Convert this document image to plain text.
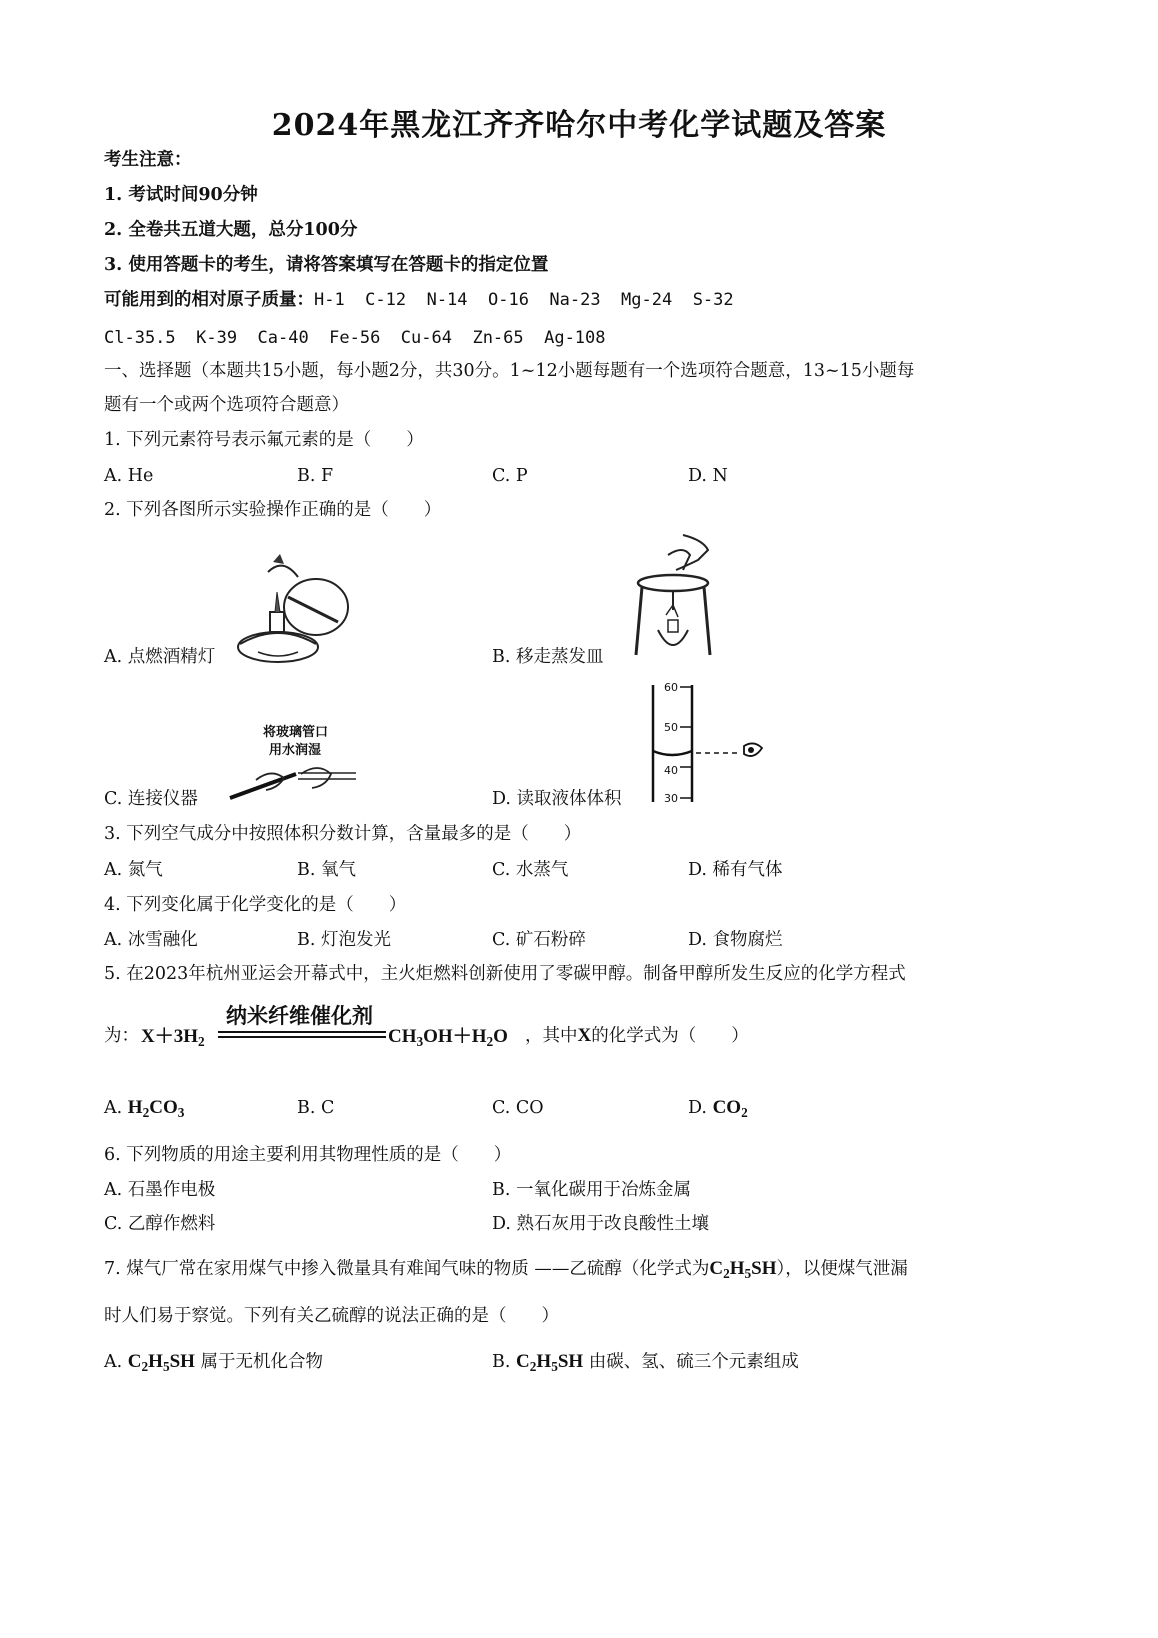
2024年黑龙江齐齐哈尔中考化学试题及答案
考生注意：
1. 考试时间90分钟
2. 全卷共五道大题，总分100分
3. 使用答题卡的考生，请将答案填写在答题卡的指定位置
可能用到的相对原子质量：H-1  C-12  N-14  O-16  Na-23  Mg-24  S-32
Cl-35.5  K-39  Ca-40  Fe-56  Cu-64  Zn-65  Ag-108
一、选择题（本题共15小题，每小题2分，共30分。1~12小题每题有一个选项符合题意，13~15小题每
题有一个或两个选项符合题意）
1. 下列元素符号表示氟元素的是（　　）
A. He	B. F	C. P	D. N
2. 下列各图所示实验操作正确的是（　　）
A. 点燃酒精灯	B. 移走蒸发皿
将玻璃管口
用水润湿
C. 连接仪器
60
50
40
30
D. 读取液体体积
3. 下列空气成分中按照体积分数计算，含量最多的是（　　）
A. 氮气	B. 氧气	C. 水蒸气	D. 稀有气体
4. 下列变化属于化学变化的是（　　）
A. 冰雪融化	B. 灯泡发光	C. 矿石粉碎	D. 食物腐烂
5. 在2023年杭州亚运会开幕式中，主火炬燃料创新使用了零碳甲醇。制备甲醇所发生反应的化学方程式
纳米纤维催化剂
为： $X+3H_2$	$CH_3OH+H_2O$ ，其中X的化学式为（　　）
A. $H_2CO_3$	B. C	C. CO	D. $CO_2$
6. 下列物质的用途主要利用其物理性质的是（　　）
A. 石墨作电极	B. 一氧化碳用于冶炼金属
C. 乙醇作燃料	D. 熟石灰用于改良酸性土壤
7. 煤气厂常在家用煤气中掺入微量具有难闻气味的物质 ——乙硫醇（化学式为$C_2H_5SH$），以便煤气泄漏
时人们易于察觉。下列有关乙硫醇的说法正确的是（　　）
A. $C_2H_5SH$ 属于无机化合物	B. $C_2H_5SH$ 由碳、氢、硫三个元素组成
